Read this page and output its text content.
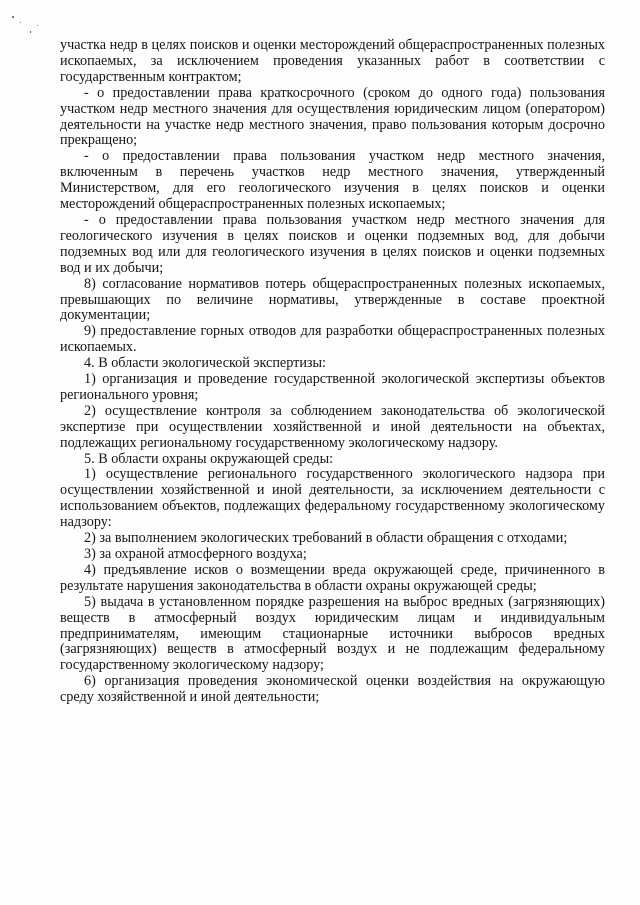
участка недр в целях поисков и оценки месторождений общераспространенных полезных ископаемых, за исключением проведения указанных работ в соответствии с государственным контрактом;

- о предоставлении права краткосрочного (сроком до одного года) пользования участком недр местного значения для осуществления юридическим лицом (оператором) деятельности на участке недр местного значения, право пользования которым досрочно прекращено;

- о предоставлении права пользования участком недр местного значения, включенным в перечень участков недр местного значения, утвержденный Министерством, для его геологического изучения в целях поисков и оценки месторождений общераспространенных полезных ископаемых;

- о предоставлении права пользования участком недр местного значения для геологического изучения в целях поисков и оценки подземных вод, для добычи подземных вод или для геологического изучения в целях поисков и оценки подземных вод и их добычи;

8) согласование нормативов потерь общераспространенных полезных ископаемых, превышающих по величине нормативы, утвержденные в составе проектной документации;

9) предоставление горных отводов для разработки общераспространенных полезных ископаемых.

4. В области экологической экспертизы:

1) организация и проведение государственной экологической экспертизы объектов регионального уровня;

2) осуществление контроля за соблюдением законодательства об экологической экспертизе при осуществлении хозяйственной и иной деятельности на объектах, подлежащих региональному государственному экологическому надзору.

5. В области охраны окружающей среды:

1) осуществление регионального государственного экологического надзора при осуществлении хозяйственной и иной деятельности, за исключением деятельности с использованием объектов, подлежащих федеральному государственному экологическому надзору:

2) за выполнением экологических требований в области обращения с отходами;

3) за охраной атмосферного воздуха;

4) предъявление исков о возмещении вреда окружающей среде, причиненного в результате нарушения законодательства в области охраны окружающей среды;

5) выдача в установленном порядке разрешения на выброс вредных (загрязняющих) веществ в атмосферный воздух юридическим лицам и индивидуальным предпринимателям, имеющим стационарные источники выбросов вредных (загрязняющих) веществ в атмосферный воздух и не подлежащим федеральному государственному экологическому надзору;

6) организация проведения экономической оценки воздействия на окружающую среду хозяйственной и иной деятельности;
